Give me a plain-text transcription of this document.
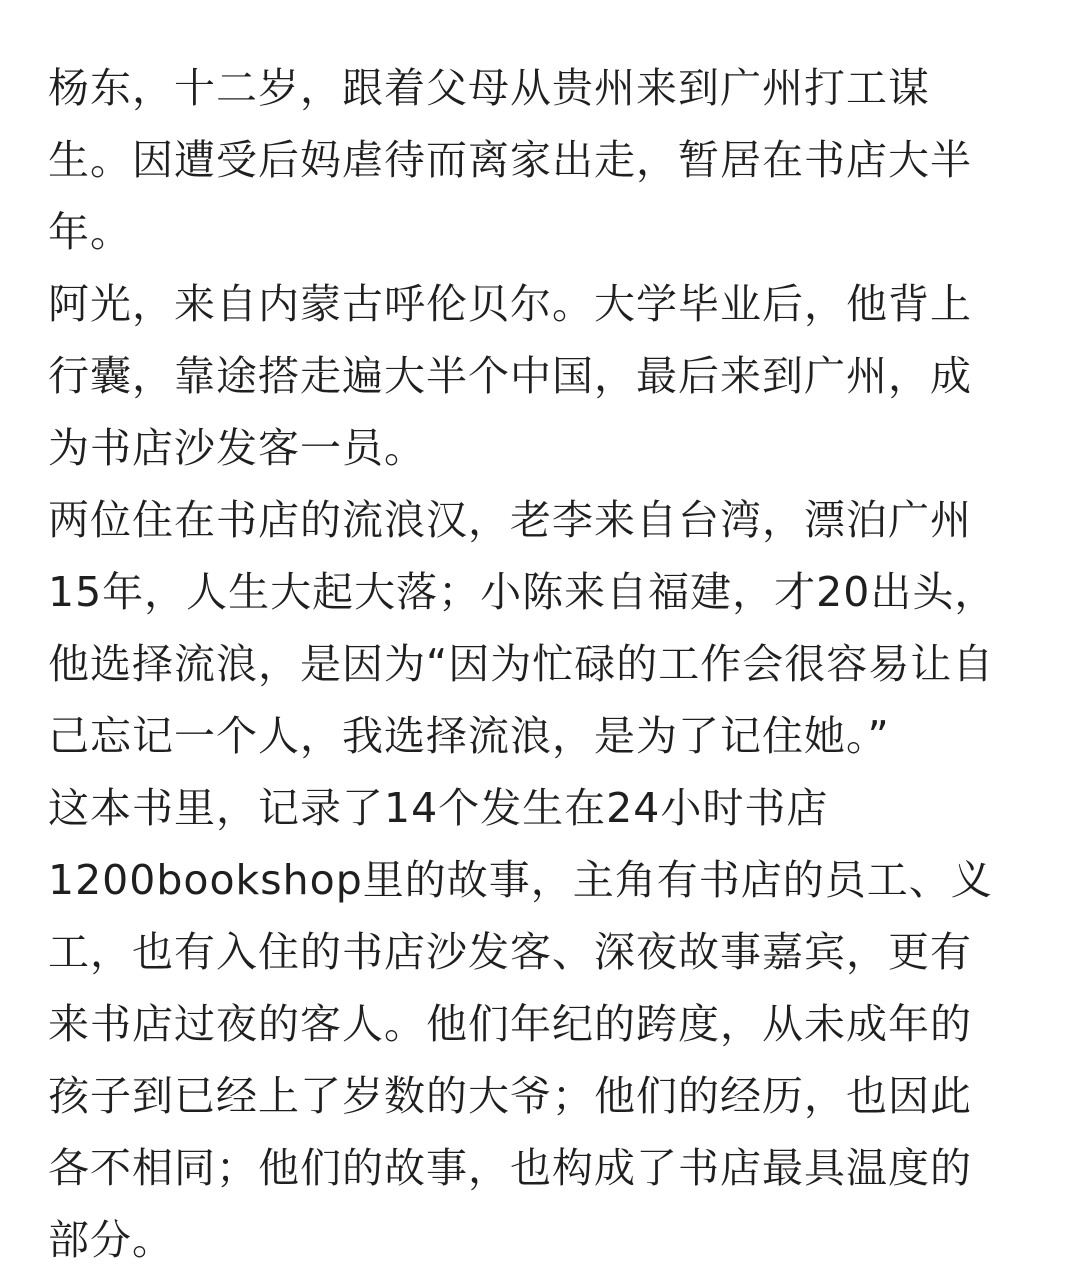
杨东，十二岁，跟着父母从贵州来到广州打工谋
生。因遭受后妈虐待而离家出走，暂居在书店大半
年。
阿光，来自内蒙古呼伦贝尔。大学毕业后，他背上
行囊，靠途搭走遍大半个中国，最后来到广州，成
为书店沙发客一员。
两位住在书店的流浪汉，老李来自台湾，漂泊广州
15年，人生大起大落；小陈来自福建，才20出头，
他选择流浪，是因为“因为忙碌的工作会很容易让自
己忘记一个人，我选择流浪，是为了记住她。”
这本书里，记录了14个发生在24小时书店
1200bookshop里的故事，主角有书店的员工、义
工，也有入住的书店沙发客、深夜故事嘉宾，更有
来书店过夜的客人。他们年纪的跨度，从未成年的
孩子到已经上了岁数的大爷；他们的经历，也因此
各不相同；他们的故事，也构成了书店最具温度的
部分。
